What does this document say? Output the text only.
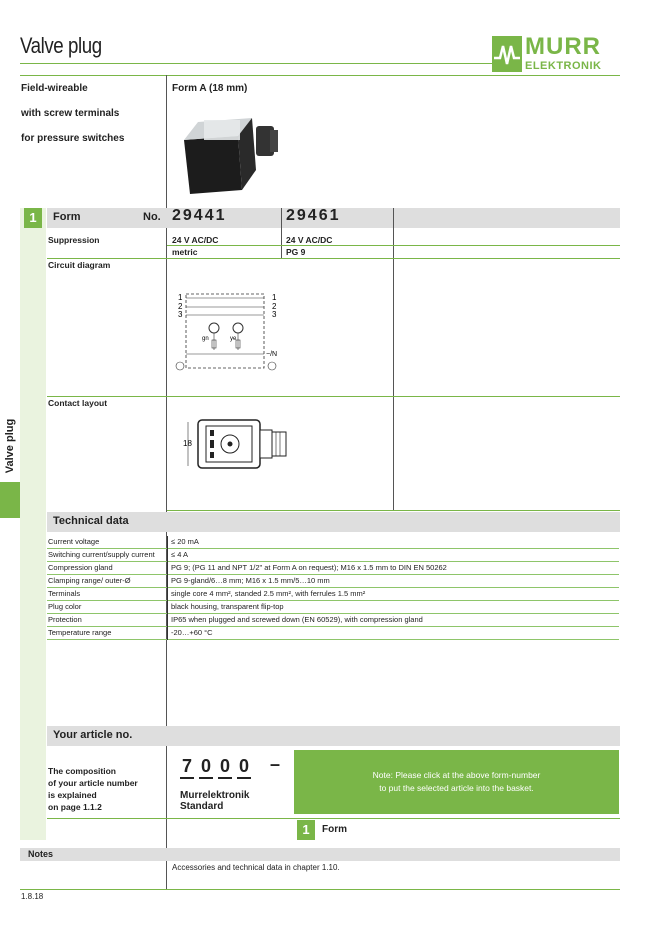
Valve plug	MURR
ELEKTRONIK
Field-wireable
with screw terminals
for pressure switches
Form A (18 mm)
Valve plug
1	Form	No. 29441	29461
Suppression	24 V AC/DC	24 V AC/DC
metric	PG 9
Circuit diagram
1
2
3
1
2
3
gn	ye
−/N
Contact layout
18
Technical data
Current voltage	≤ 20 mA
Switching current/supply current ≤ 4 A
Compression gland	PG 9; (PG 11 and NPT 1/2" at Form A on request); M16 x 1.5 mm to DIN EN 50262
Clamping range/ outer-Ø	PG 9-gland/6…8 mm; M16 x 1.5 mm/5…10 mm
Terminals	single core 4 mm², standed 2.5 mm², with ferrules 1.5 mm²
Plug color	black housing, transparent flip-top
Protection	IP65 when plugged and screwed down (EN 60529), with compression gland
Temperature range	-20…+60 °C
Your article no.
The composition
of your article number
is explained
on page 1.1.2
7 0 0 0 –
Murrelektronik
Standard
Note: Please click at the above form-number
to put the selected article into the basket.
1	Form
Notes
Accessories and technical data in chapter 1.10.
1.8.18
